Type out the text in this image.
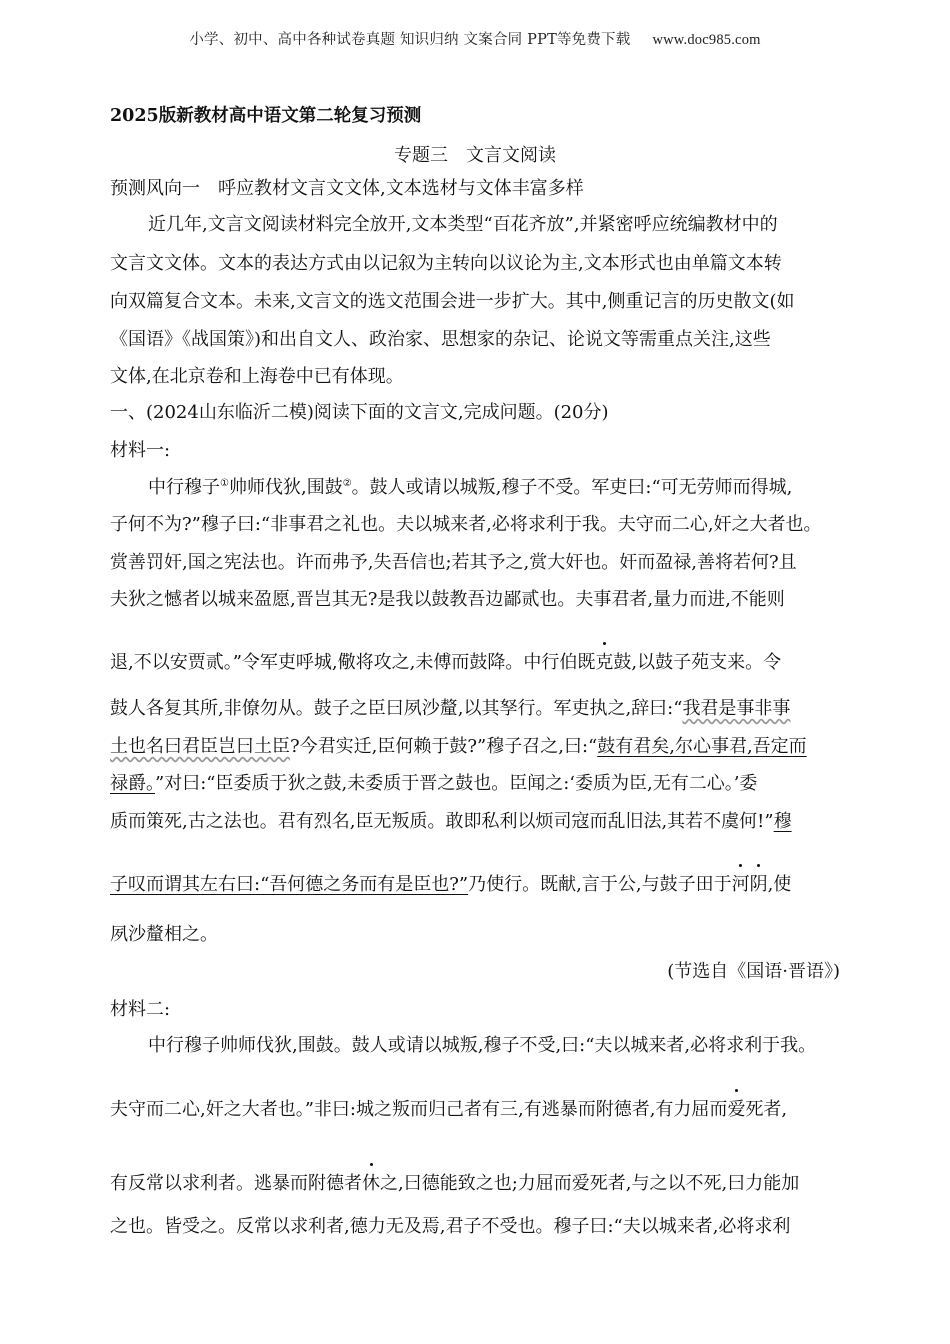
小学、初中、高中各种试卷真题 知识归纳 文案合同 PPT等免费下载 www.doc985.com
2025版新教材高中语文第二轮复习预测
专题三　文言文阅读
预测风向一　呼应教材文言文文体,文本选材与文体丰富多样
近几年,文言文阅读材料完全放开,文本类型“百花齐放”,并紧密呼应统编教材中的
文言文文体。文本的表达方式由以记叙为主转向以议论为主,文本形式也由单篇文本转
向双篇复合文本。未来,文言文的选文范围会进一步扩大。其中,侧重记言的历史散文(如
《国语》《战国策》)和出自文人、政治家、思想家的杂记、论说文等需重点关注,这些
文体,在北京卷和上海卷中已有体现。
一、(2024山东临沂二模)阅读下面的文言文,完成问题。(20分)
材料一:
中行穆子①帅师伐狄,围鼓②。鼓人或请以城叛,穆子不受。军吏曰:“可无劳师而得城,
子何不为?”穆子曰:“非事君之礼也。夫以城来者,必将求利于我。夫守而二心,奸之大者也。
赏善罚奸,国之宪法也。许而弗予,失吾信也;若其予之,赏大奸也。奸而盈禄,善将若何?且
夫狄之憾者以城来盈愿,晋岂其无?是我以鼓教吾边鄙贰也。夫事君者,量力而进,不能则
退,不以安贾贰。”令军吏呼城,儆将攻之,未傅而鼓降。中行伯既克鼓,以鼓子苑支来。令
鼓人各复其所,非僚勿从。鼓子之臣曰夙沙釐,以其孥行。军吏执之,辞曰:“我君是事非事
土也名曰君臣岂曰土臣?今君实迁,臣何赖于鼓?”穆子召之,曰:“鼓有君矣,尔心事君,吾定而
禄爵。”对曰:“臣委质于狄之鼓,未委质于晋之鼓也。臣闻之:‘委质为臣,无有二心。’委
质而策死,古之法也。君有烈名,臣无叛质。敢即私利以烦司寇而乱旧法,其若不虞何!”穆
子叹而谓其左右曰:“吾何德之务而有是臣也?”乃使行。既献,言于公,与鼓子田于河阴,使
夙沙釐相之。
(节选自《国语·晋语》)
材料二:
中行穆子帅师伐狄,围鼓。鼓人或请以城叛,穆子不受,曰:“夫以城来者,必将求利于我。
夫守而二心,奸之大者也。”非曰:城之叛而归己者有三,有逃暴而附德者,有力屈而爱死者,
有反常以求利者。逃暴而附德者休之,曰德能致之也;力屈而爱死者,与之以不死,曰力能加
之也。皆受之。反常以求利者,德力无及焉,君子不受也。穆子曰:“夫以城来者,必将求利
